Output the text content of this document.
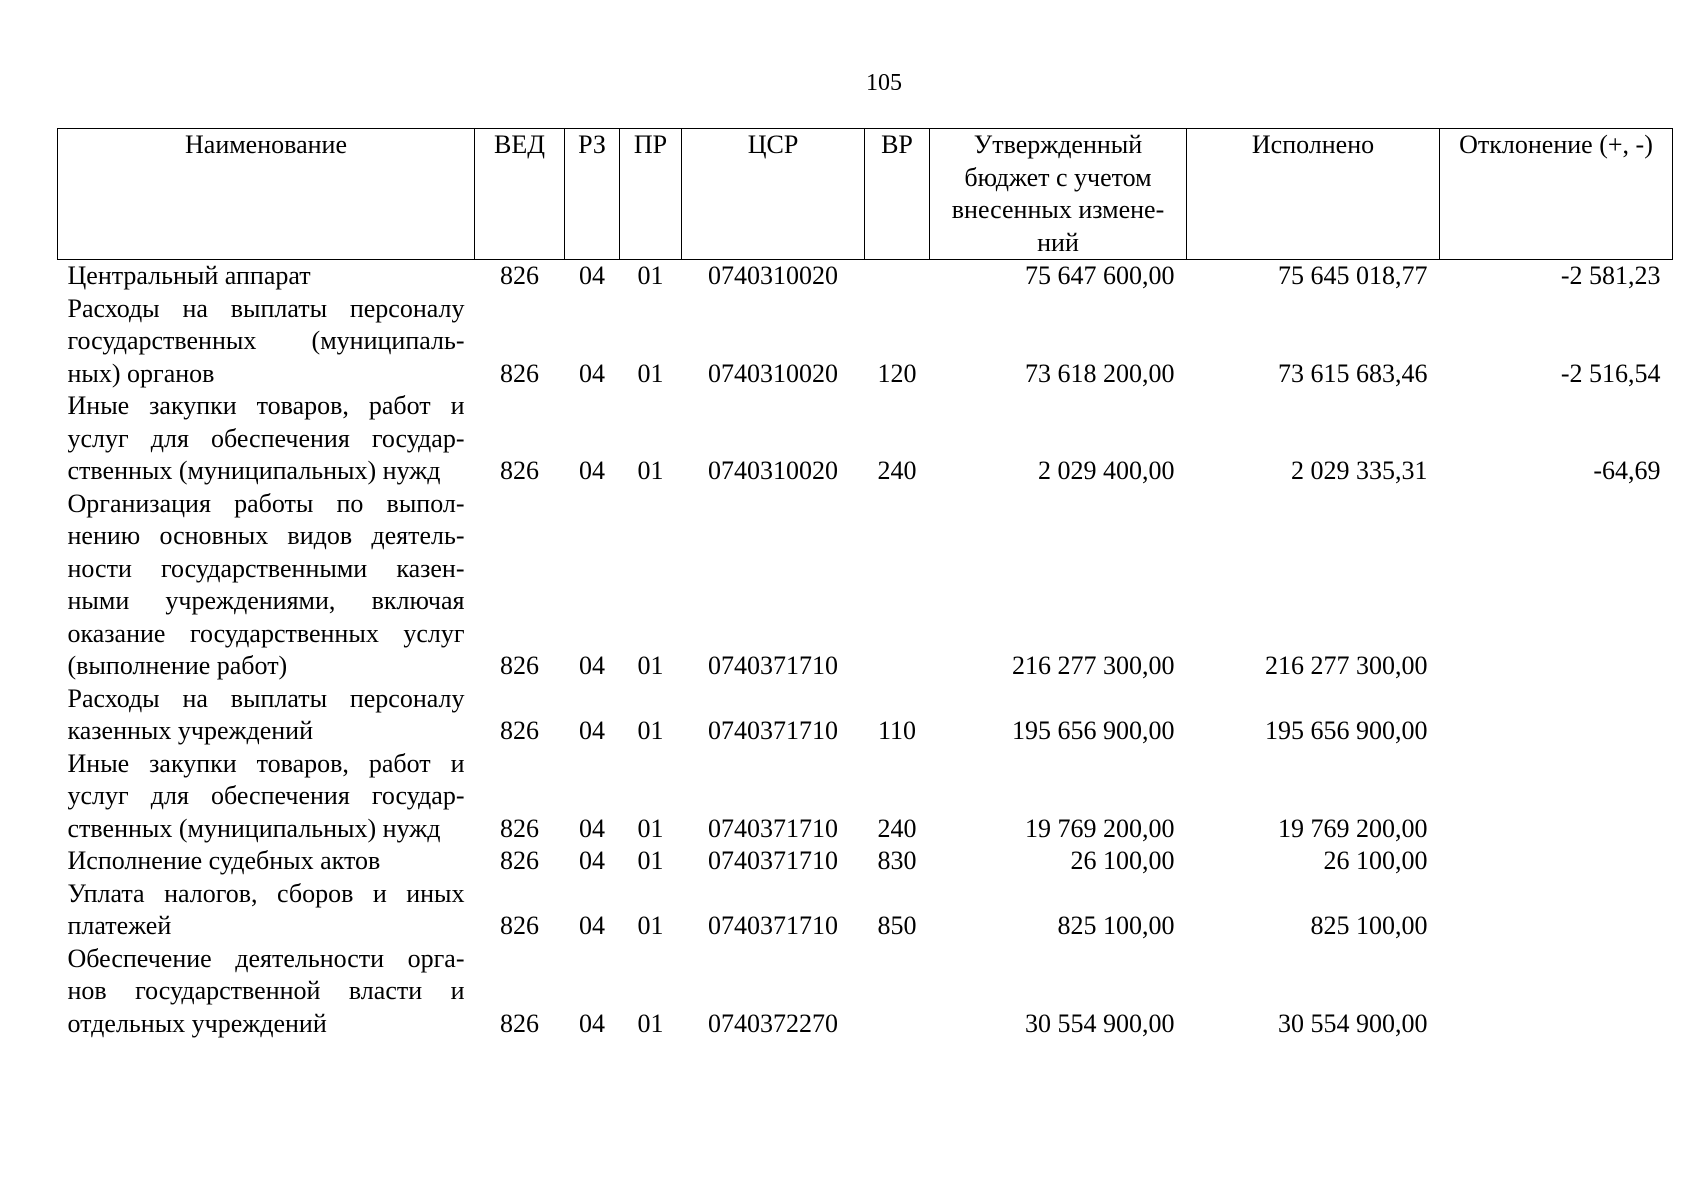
105
Наименование	ВЕД	РЗ	ПР	ЦСР	ВР	Утвержденный бюджет с учетом внесенных измене-ний	Исполнено	Отклонение (+, -)
Центральный аппарат	826	04	01	0740310020		75 647 600,00	75 645 018,77	-2 581,23
Расходы на выплаты персоналу государственных (муниципаль-ных) органов	826	04	01	0740310020	120	73 618 200,00	73 615 683,46	-2 516,54
Иные закупки товаров, работ и услуг для обеспечения государ-ственных (муниципальных) нужд	826	04	01	0740310020	240	2 029 400,00	2 029 335,31	-64,69
Организация работы по выпол-нению основных видов деятель-ности государственными казен-ными учреждениями, включая оказание государственных услуг (выполнение работ)	826	04	01	0740371710		216 277 300,00	216 277 300,00	
Расходы на выплаты персоналу казенных учреждений	826	04	01	0740371710	110	195 656 900,00	195 656 900,00	
Иные закупки товаров, работ и услуг для обеспечения государ-ственных (муниципальных) нужд	826	04	01	0740371710	240	19 769 200,00	19 769 200,00	
Исполнение судебных актов	826	04	01	0740371710	830	26 100,00	26 100,00	
Уплата налогов, сборов и иных платежей	826	04	01	0740371710	850	825 100,00	825 100,00	
Обеспечение деятельности орга-нов государственной власти и отдельных учреждений	826	04	01	0740372270		30 554 900,00	30 554 900,00	
